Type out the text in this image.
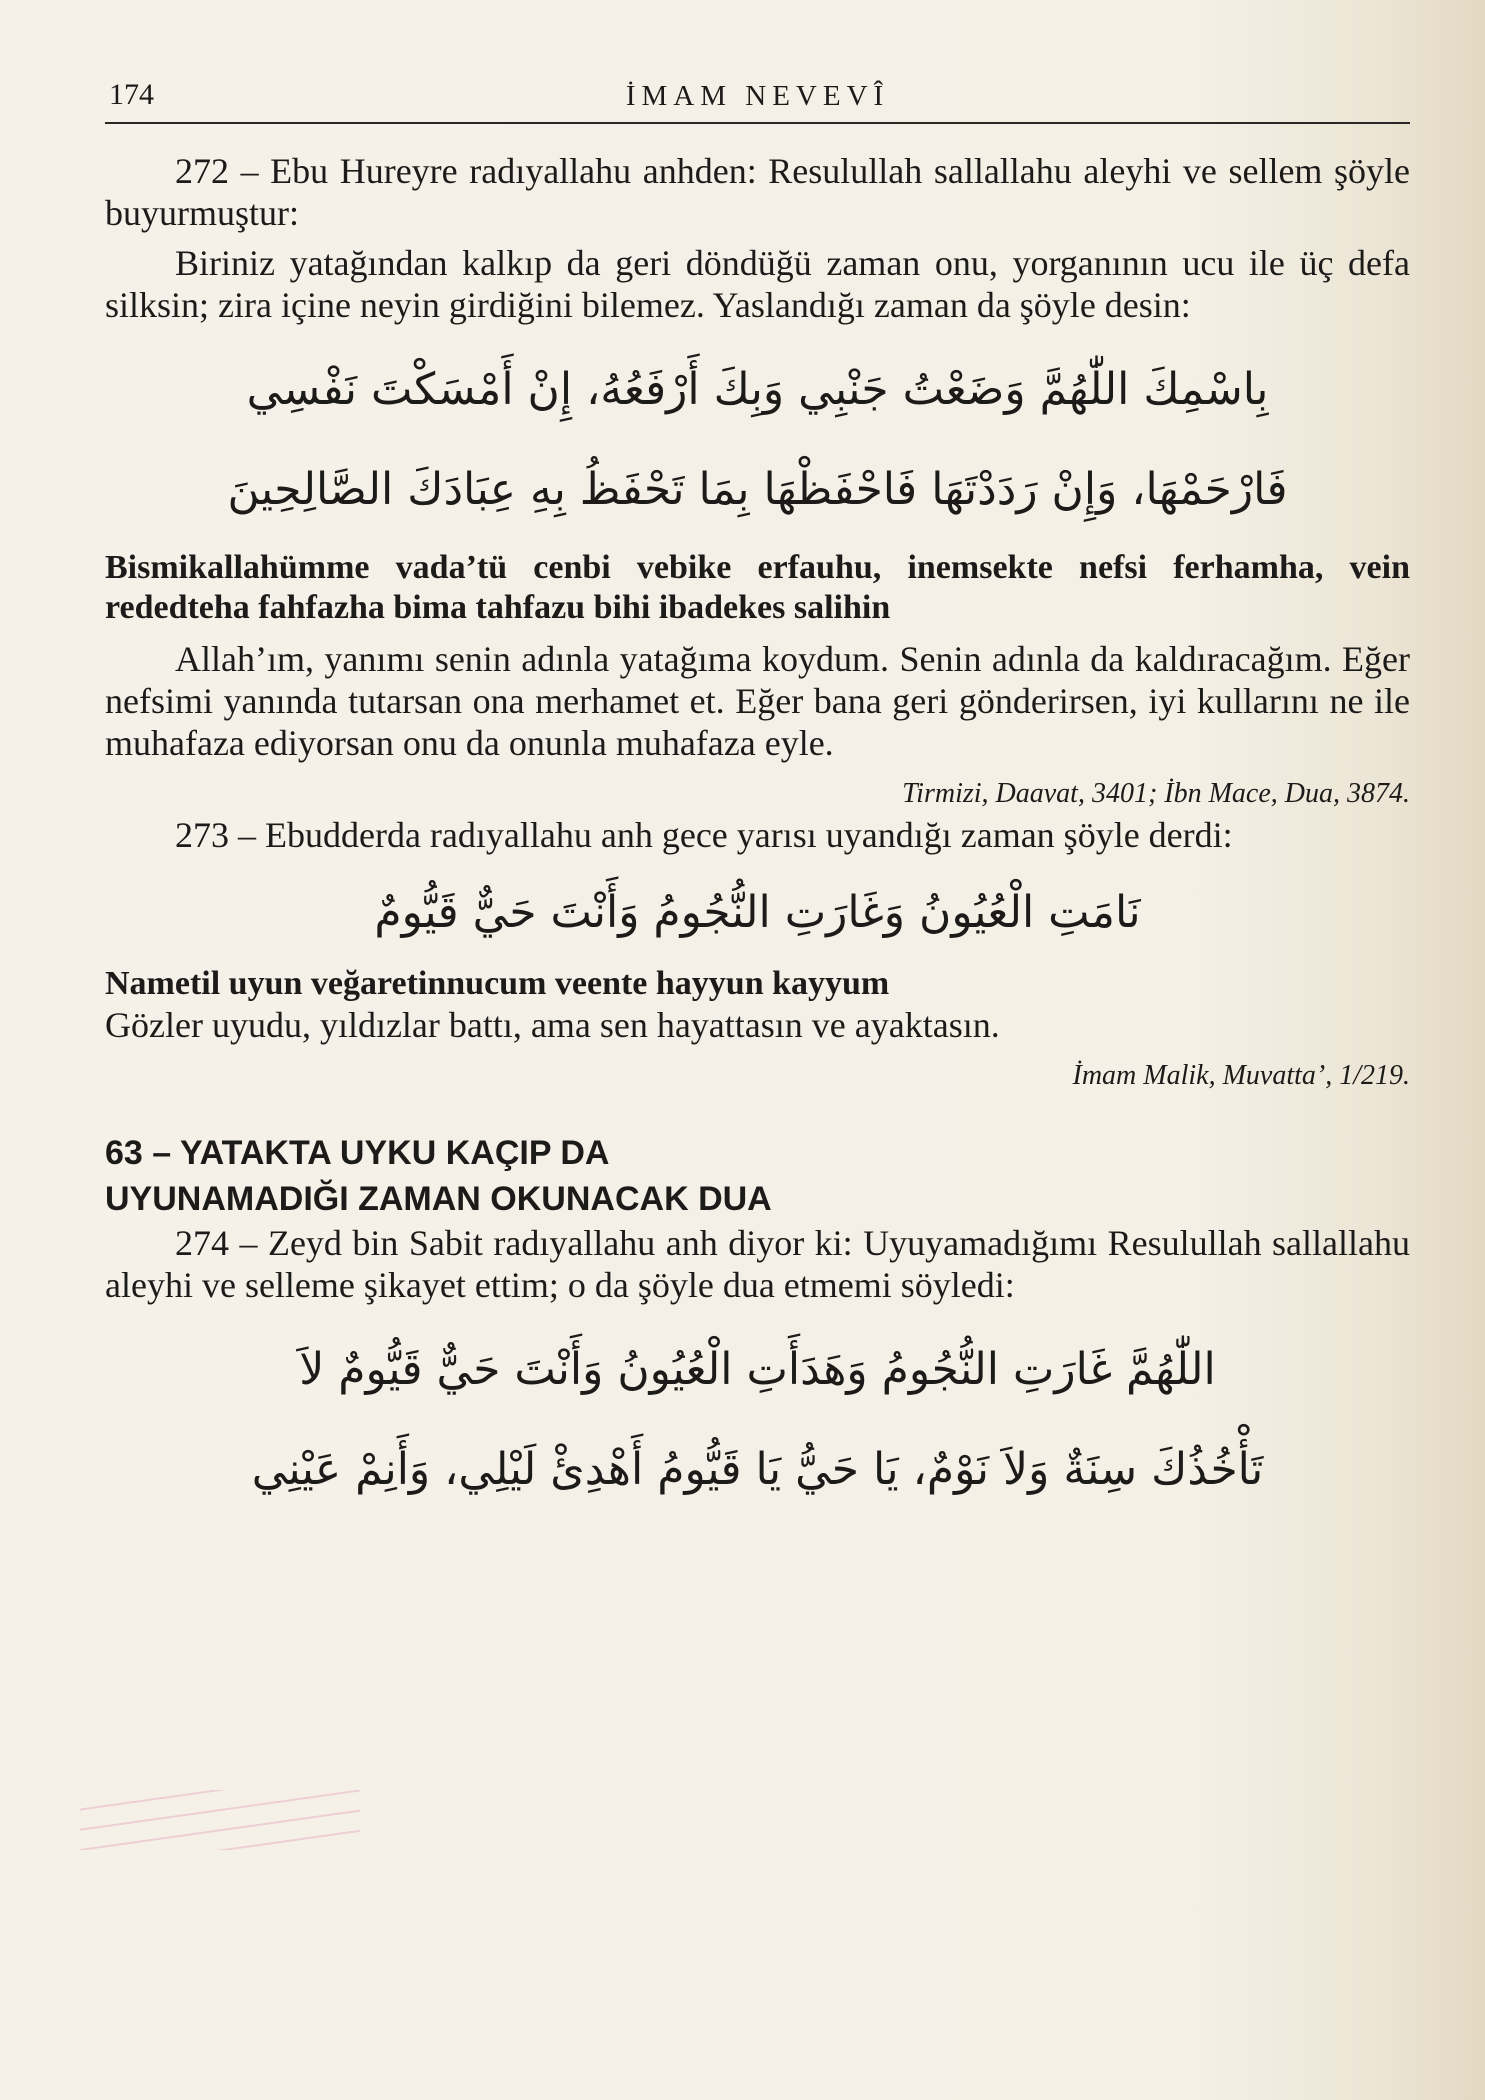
174	İMAM NEVEVÎ

272 – Ebu Hureyre radıyallahu anhden: Resulullah sallallahu aleyhi ve sellem şöyle buyurmuştur:

Biriniz yatağından kalkıp da geri döndüğü zaman onu, yorganının ucu ile üç defa silksin; zira içine neyin girdiğini bilemez. Yaslandığı zaman da şöyle desin:

بِاسْمِكَ اللّٰهُمَّ وَضَعْتُ جَنْبِي وَبِكَ أَرْفَعُهُ، إِنْ أَمْسَكْتَ نَفْسِي
فَارْحَمْهَا، وَإِنْ رَدَدْتَهَا فَاحْفَظْهَا بِمَا تَحْفَظُ بِهِ عِبَادَكَ الصَّالِحِينَ

Bismikallahümme vada’tü cenbi vebike erfauhu, inemsekte nefsi ferhamha, vein rededteha fahfazha bima tahfazu bihi ibadekes salihin

Allah’ım, yanımı senin adınla yatağıma koydum. Senin adınla da kaldıracağım. Eğer nefsimi yanında tutarsan ona merhamet et. Eğer bana geri gönderirsen, iyi kullarını ne ile muhafaza ediyorsan onu da onunla muhafaza eyle.

Tirmizi, Daavat, 3401; İbn Mace, Dua, 3874.

273 – Ebudderda radıyallahu anh gece yarısı uyandığı zaman şöyle derdi:

نَامَتِ الْعُيُونُ وَغَارَتِ النُّجُومُ وَأَنْتَ حَيٌّ قَيُّومٌ

Nametil uyun veğaretinnucum veente hayyun kayyum

Gözler uyudu, yıldızlar battı, ama sen hayattasın ve ayaktasın.

İmam Malik, Muvatta’, 1/219.
63 – YATAKTA UYKU KAÇIP DA
UYUNAMADIĞI ZAMAN OKUNACAK DUA

274 – Zeyd bin Sabit radıyallahu anh diyor ki: Uyuyamadığımı Resulullah sallallahu aleyhi ve selleme şikayet ettim; o da şöyle dua etmemi söyledi:

اللّٰهُمَّ غَارَتِ النُّجُومُ وَهَدَأَتِ الْعُيُونُ وَأَنْتَ حَيٌّ قَيُّومٌ لاَ
تَأْخُذُكَ سِنَةٌ وَلاَ نَوْمٌ، يَا حَيُّ يَا قَيُّومُ أَهْدِئْ لَيْلِي، وَأَنِمْ عَيْنِي
